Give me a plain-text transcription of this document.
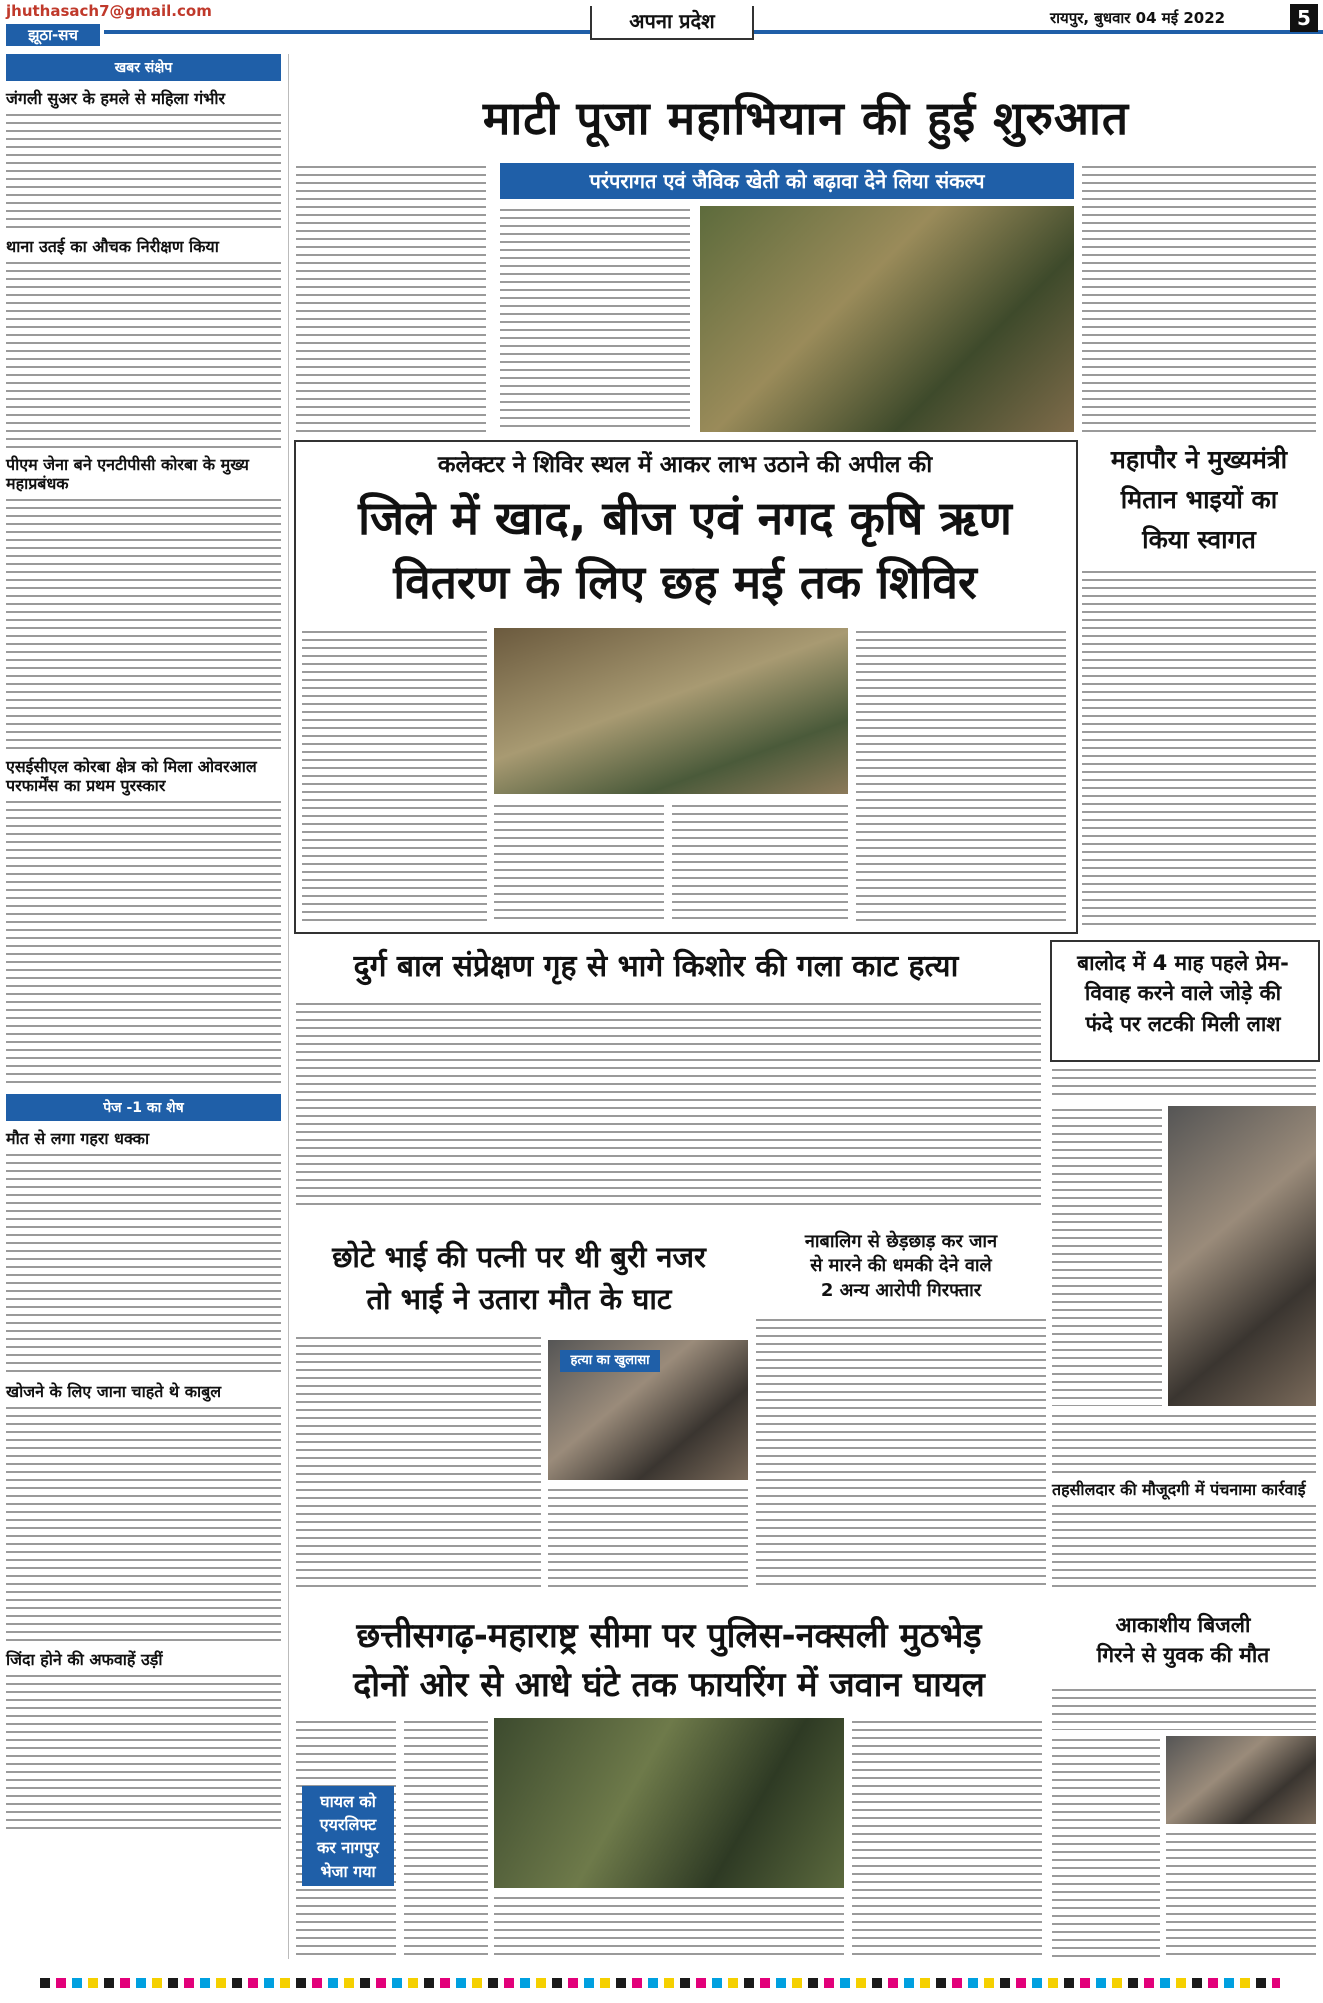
jhuthasach7@gmail.com
झूठा-सच
अपना प्रदेश	रायपुर, बुधवार 04 मई 2022	5
खबर संक्षेप
जंगली सुअर के हमले से महिला गंभीर
थाना उतई का औचक निरीक्षण किया
पीएम जेना बने एनटीपीसी कोरबा के मुख्य महाप्रबंधक
एसईसीएल कोरबा क्षेत्र को मिला ओवरआल परफार्मेंस का प्रथम पुरस्कार
पेज -1 का शेष
मौत से लगा गहरा धक्का
खोजने के लिए जाना चाहते थे काबुल
जिंदा होने की अफवाहें उड़ीं
माटी पूजा महाभियान की हुई शुरुआत
परंपरागत एवं जैविक खेती को बढ़ावा देने लिया संकल्प
कलेक्टर ने शिविर स्थल में आकर लाभ उठाने की अपील की
जिले में खाद, बीज एवं नगद कृषि ऋण
वितरण के लिए छह मई तक शिविर
महापौर ने मुख्यमंत्री
मितान भाइयों का
किया स्वागत
दुर्ग बाल संप्रेक्षण गृह से भागे किशोर की गला काट हत्या	बालोद में 4 माह पहले प्रेम-
विवाह करने वाले जोड़े की
फंदे पर लटकी मिली लाश
तहसीलदार की मौजूदगी में पंचनामा कार्रवाई
छोटे भाई की पत्नी पर थी बुरी नजर
तो भाई ने उतारा मौत के घाट
हत्या का खुलासा
नाबालिग से छेड़छाड़ कर जान
से मारने की धमकी देने वाले
2 अन्य आरोपी गिरफ्तार
छत्तीसगढ़-महाराष्ट्र सीमा पर पुलिस-नक्सली मुठभेड़
दोनों ओर से आधे घंटे तक फायरिंग में जवान घायल
घायल को
एयरलिफ्ट
कर नागपुर
भेजा गया
आकाशीय बिजली
गिरने से युवक की मौत
